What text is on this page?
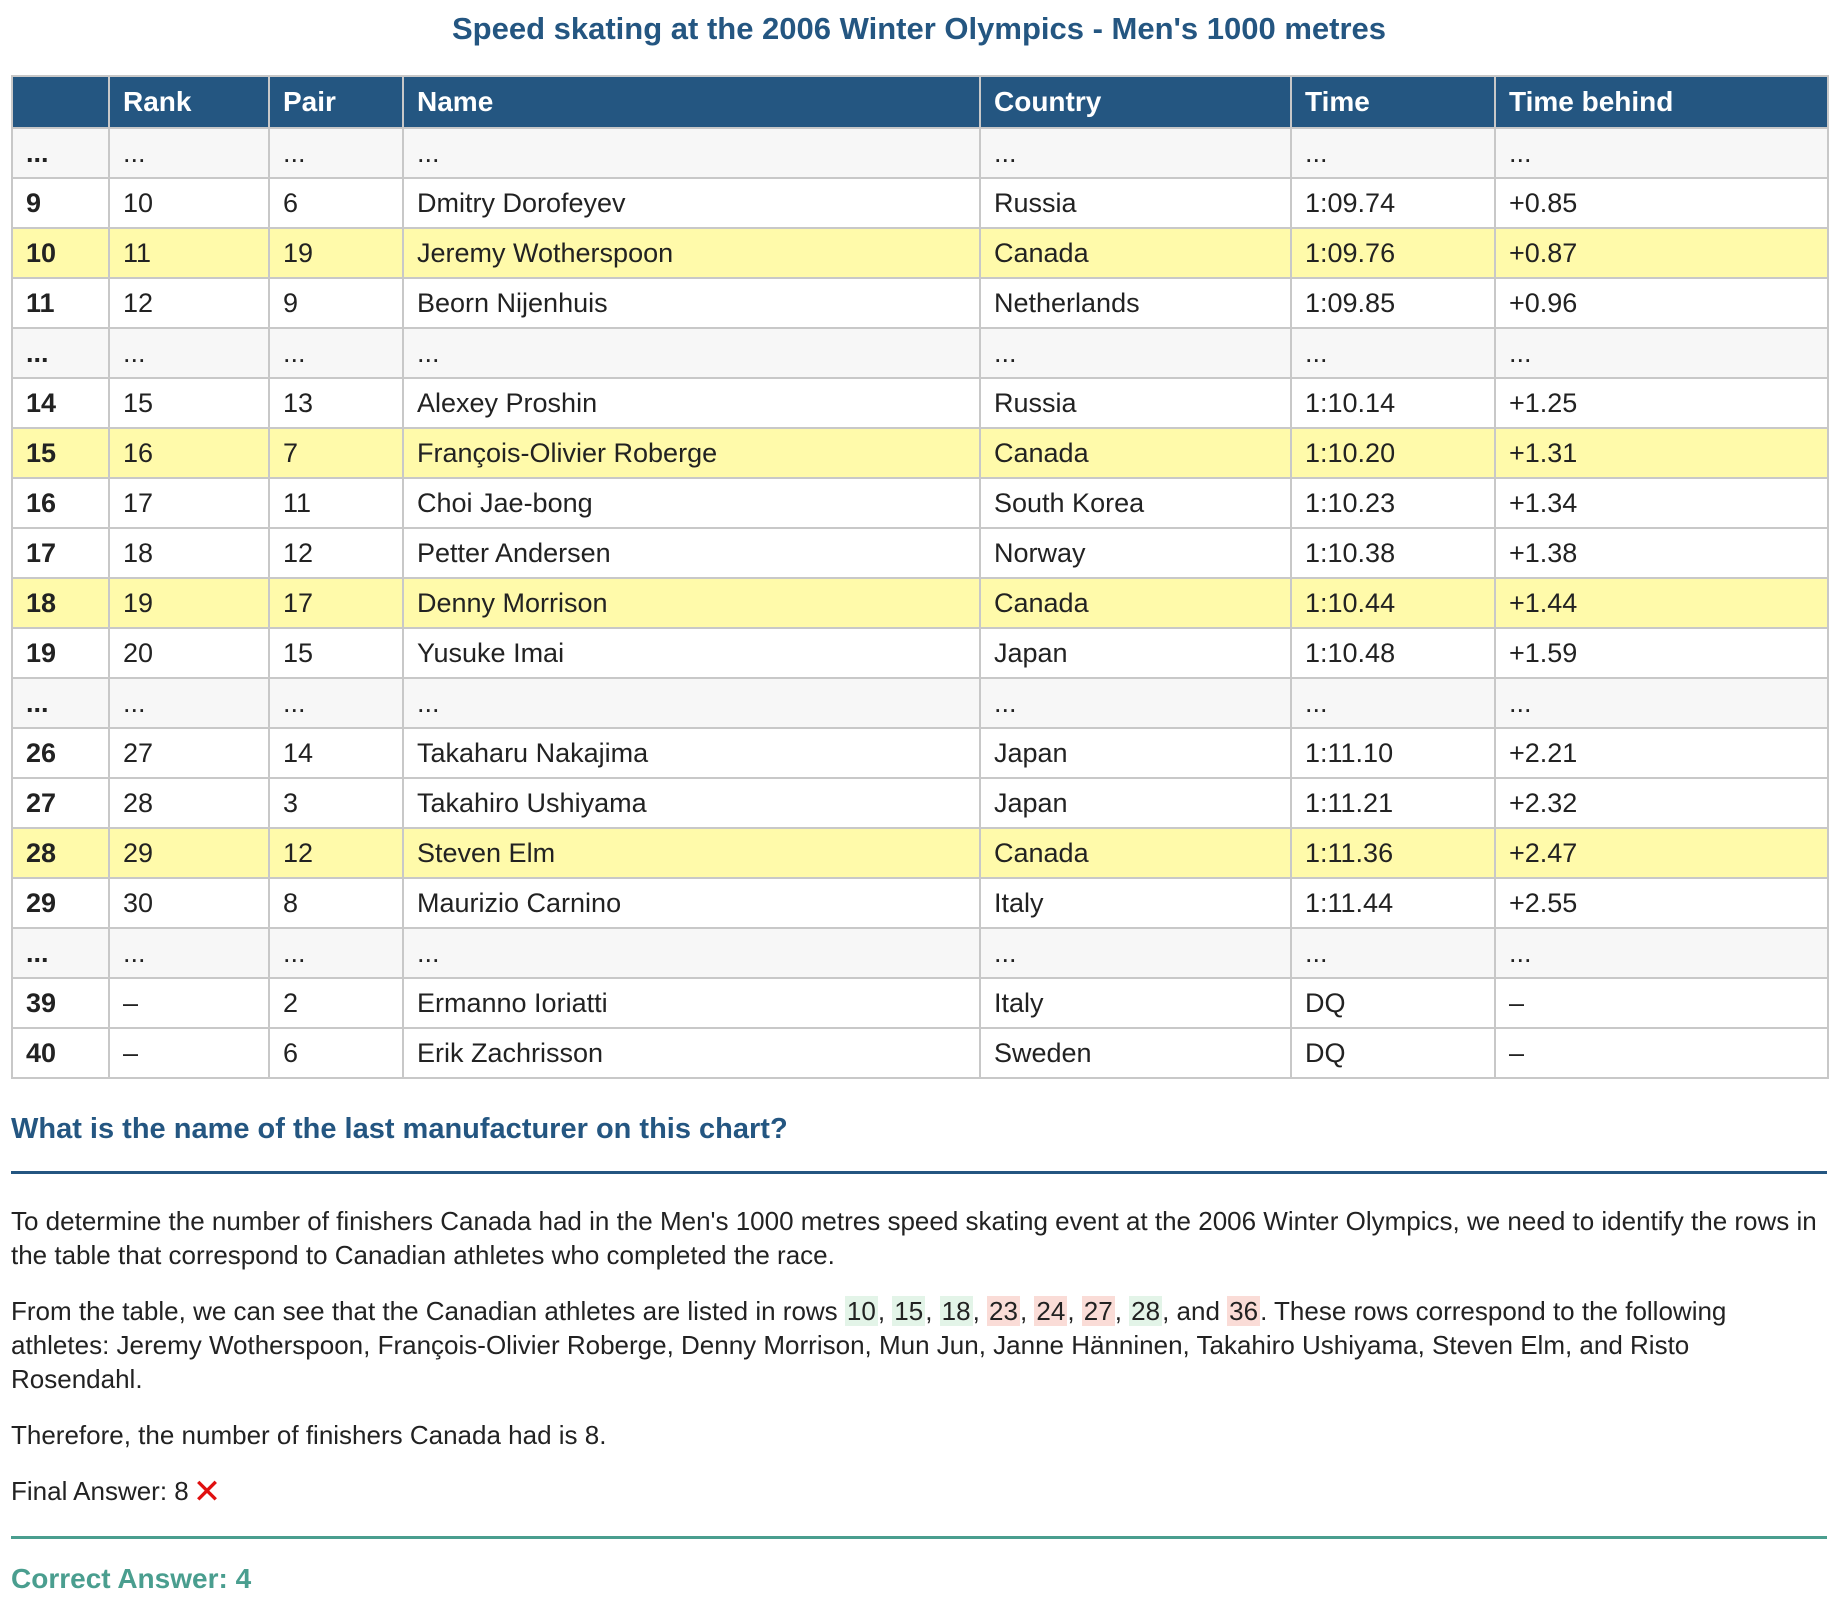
Speed skating at the 2006 Winter Olympics - Men's 1000 metres
	Rank	Pair	Name	Country	Time	Time behind
...	...	...	...	...	...	...
9	10	6	Dmitry Dorofeyev	Russia	1:09.74	+0.85
10	11	19	Jeremy Wotherspoon	Canada	1:09.76	+0.87
11	12	9	Beorn Nijenhuis	Netherlands	1:09.85	+0.96
...	...	...	...	...	...	...
14	15	13	Alexey Proshin	Russia	1:10.14	+1.25
15	16	7	François-Olivier Roberge	Canada	1:10.20	+1.31
16	17	11	Choi Jae-bong	South Korea	1:10.23	+1.34
17	18	12	Petter Andersen	Norway	1:10.38	+1.38
18	19	17	Denny Morrison	Canada	1:10.44	+1.44
19	20	15	Yusuke Imai	Japan	1:10.48	+1.59
...	...	...	...	...	...	...
26	27	14	Takaharu Nakajima	Japan	1:11.10	+2.21
27	28	3	Takahiro Ushiyama	Japan	1:11.21	+2.32
28	29	12	Steven Elm	Canada	1:11.36	+2.47
29	30	8	Maurizio Carnino	Italy	1:11.44	+2.55
...	...	...	...	...	...	...
39	–	2	Ermanno Ioriatti	Italy	DQ	–
40	–	6	Erik Zachrisson	Sweden	DQ	–
What is the name of the last manufacturer on this chart?

To determine the number of finishers Canada had in the Men's 1000 metres speed skating event at the 2006 Winter Olympics, we need to identify the rows in the table that correspond to Canadian athletes who completed the race.

From the table, we can see that the Canadian athletes are listed in rows 10, 15, 18, 23, 24, 27, 28, and 36. These rows correspond to the following athletes: Jeremy Wotherspoon, François-Olivier Roberge, Denny Morrison, Mun Jun, Janne Hänninen, Takahiro Ushiyama, Steven Elm, and Risto Rosendahl.

Therefore, the number of finishers Canada had is 8.

Final Answer: 8 ✕
Correct Answer: 4
